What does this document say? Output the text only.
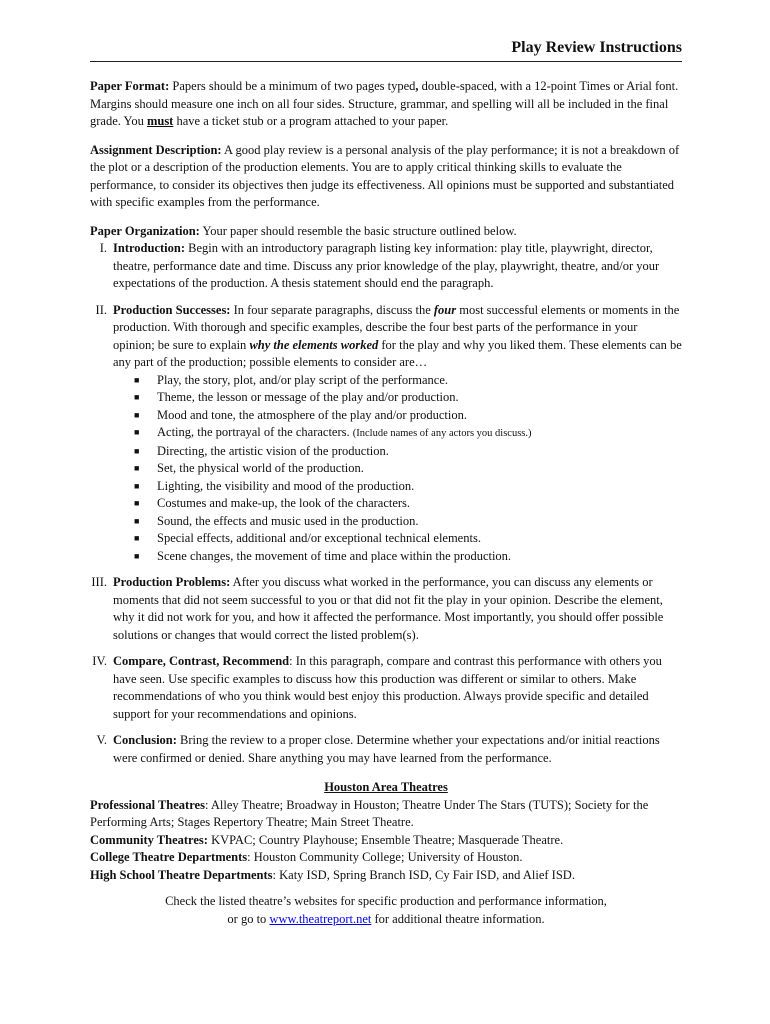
Play Review Instructions

Paper Format: Papers should be a minimum of two pages typed, double-spaced, with a 12-point Times or Arial font. Margins should measure one inch on all four sides. Structure, grammar, and spelling will all be included in the final grade. You must have a ticket stub or a program attached to your paper.

Assignment Description: A good play review is a personal analysis of the play performance; it is not a breakdown of the plot or a description of the production elements. You are to apply critical thinking skills to evaluate the performance, to consider its objectives then judge its effectiveness. All opinions must be supported and substantiated with specific examples from the performance.

Paper Organization: Your paper should resemble the basic structure outlined below.

I. Introduction: Begin with an introductory paragraph listing key information: play title, playwright, director, theatre, performance date and time. Discuss any prior knowledge of the play, playwright, theatre, and/or your expectations of the production. A thesis statement should end the paragraph.
II. Production Successes: In four separate paragraphs, discuss the four most successful elements or moments in the production. With thorough and specific examples, describe the four best parts of the performance in your opinion; be sure to explain why the elements worked for the play and why you liked them. These elements can be any part of the production; possible elements to consider are…
■ Play, the story, plot, and/or play script of the performance.
■ Theme, the lesson or message of the play and/or production.
■ Mood and tone, the atmosphere of the play and/or production.
■ Acting, the portrayal of the characters. (Include names of any actors you discuss.)
■ Directing, the artistic vision of the production.
■ Set, the physical world of the production.
■ Lighting, the visibility and mood of the production.
■ Costumes and make-up, the look of the characters.
■ Sound, the effects and music used in the production.
■ Special effects, additional and/or exceptional technical elements.
■ Scene changes, the movement of time and place within the production.
III. Production Problems: After you discuss what worked in the performance, you can discuss any elements or moments that did not seem successful to you or that did not fit the play in your opinion. Describe the element, why it did not work for you, and how it affected the performance. Most importantly, you should offer possible solutions or changes that would correct the listed problem(s).
IV. Compare, Contrast, Recommend: In this paragraph, compare and contrast this performance with others you have seen. Use specific examples to discuss how this production was different or similar to others. Make recommendations of who you think would best enjoy this production. Always provide specific and detailed support for your recommendations and opinions.
V. Conclusion: Bring the review to a proper close. Determine whether your expectations and/or initial reactions were confirmed or denied. Share anything you may have learned from the performance.
Houston Area Theatres

Professional Theatres: Alley Theatre; Broadway in Houston; Theatre Under The Stars (TUTS); Society for the Performing Arts; Stages Repertory Theatre; Main Street Theatre.

Community Theatres: KVPAC; Country Playhouse; Ensemble Theatre; Masquerade Theatre.

College Theatre Departments: Houston Community College; University of Houston.

High School Theatre Departments: Katy ISD, Spring Branch ISD, Cy Fair ISD, and Alief ISD.

Check the listed theatre’s websites for specific production and performance information,
or go to www.theatreport.net for additional theatre information.
